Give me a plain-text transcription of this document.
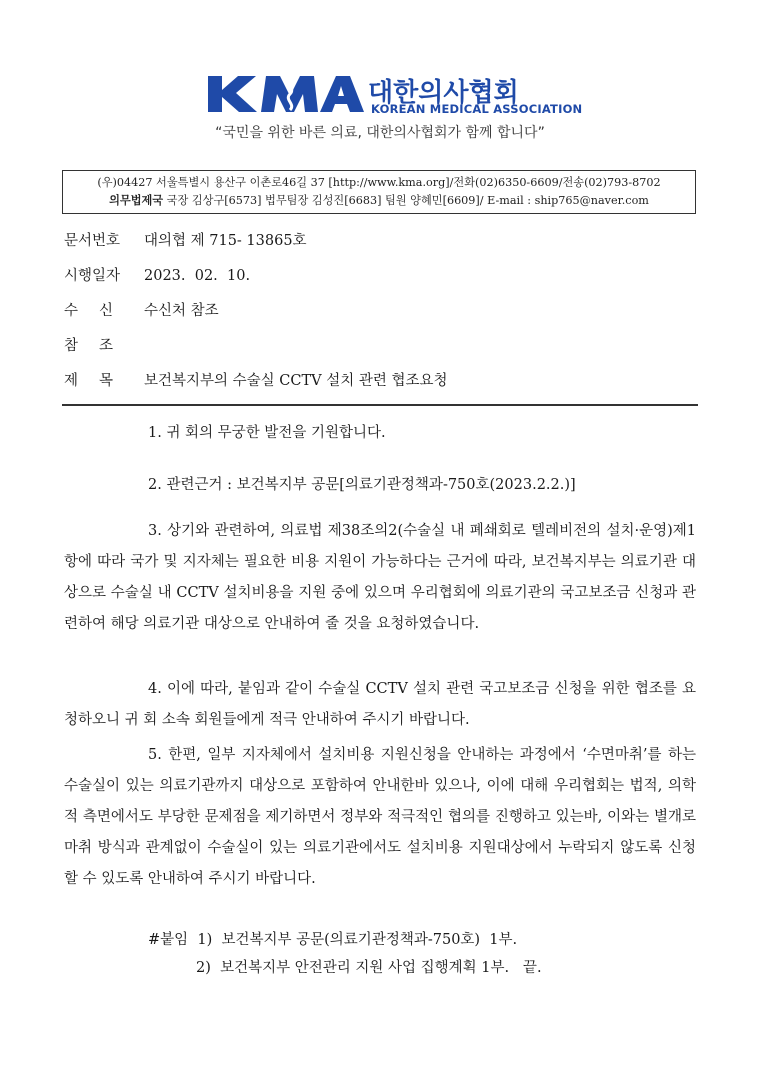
대한의사협회
KOREAN MEDICAL ASSOCIATION
“국민을 위한 바른 의료, 대한의사협회가 함께 합니다”
(우)04427 서울특별시 용산구 이촌로46길 37 [http://www.kma.org]/전화(02)6350-6609/전송(02)793-8702
의무법제국 국장 김상구[6573] 법무팀장 김성진[6683] 팀원 양혜민[6609]/ E-mail : ship765@naver.com
문서번호 대의협 제 715- 13865호
시행일자 2023.  02.  10.
수신 수신처 참조
참조
제목 보건복지부의 수술실 CCTV 설치 관련 협조요청
1. 귀 회의 무궁한 발전을 기원합니다.
2. 관련근거 : 보건복지부 공문[의료기관정책과-750호(2023.2.2.)]
3. 상기와 관련하여, 의료법 제38조의2(수술실 내 폐쇄회로 텔레비전의 설치·운영)제1항에 따라 국가 및 지자체는 필요한 비용 지원이 가능하다는 근거에 따라, 보건복지부는 의료기관 대상으로 수술실 내 CCTV 설치비용을 지원 중에 있으며 우리협회에 의료기관의 국고보조금 신청과 관련하여 해당 의료기관 대상으로 안내하여 줄 것을 요청하였습니다.
4. 이에 따라, 붙임과 같이 수술실 CCTV 설치 관련 국고보조금 신청을 위한 협조를 요청하오니 귀 회 소속 회원들에게 적극 안내하여 주시기 바랍니다.
5. 한편, 일부 지자체에서 설치비용 지원신청을 안내하는 과정에서 ‘수면마취’를 하는 수술실이 있는 의료기관까지 대상으로 포함하여 안내한바 있으나, 이에 대해 우리협회는 법적, 의학적 측면에서도 부당한 문제점을 제기하면서 정부와 적극적인 협의를 진행하고 있는바, 이와는 별개로 마취 방식과 관계없이 수술실이 있는 의료기관에서도 설치비용 지원대상에서 누락되지 않도록 신청할 수 있도록 안내하여 주시기 바랍니다.
#붙임  1)  보건복지부 공문(의료기관정책과-750호)  1부.
2)  보건복지부 안전관리 지원 사업 집행계획 1부.   끝.
